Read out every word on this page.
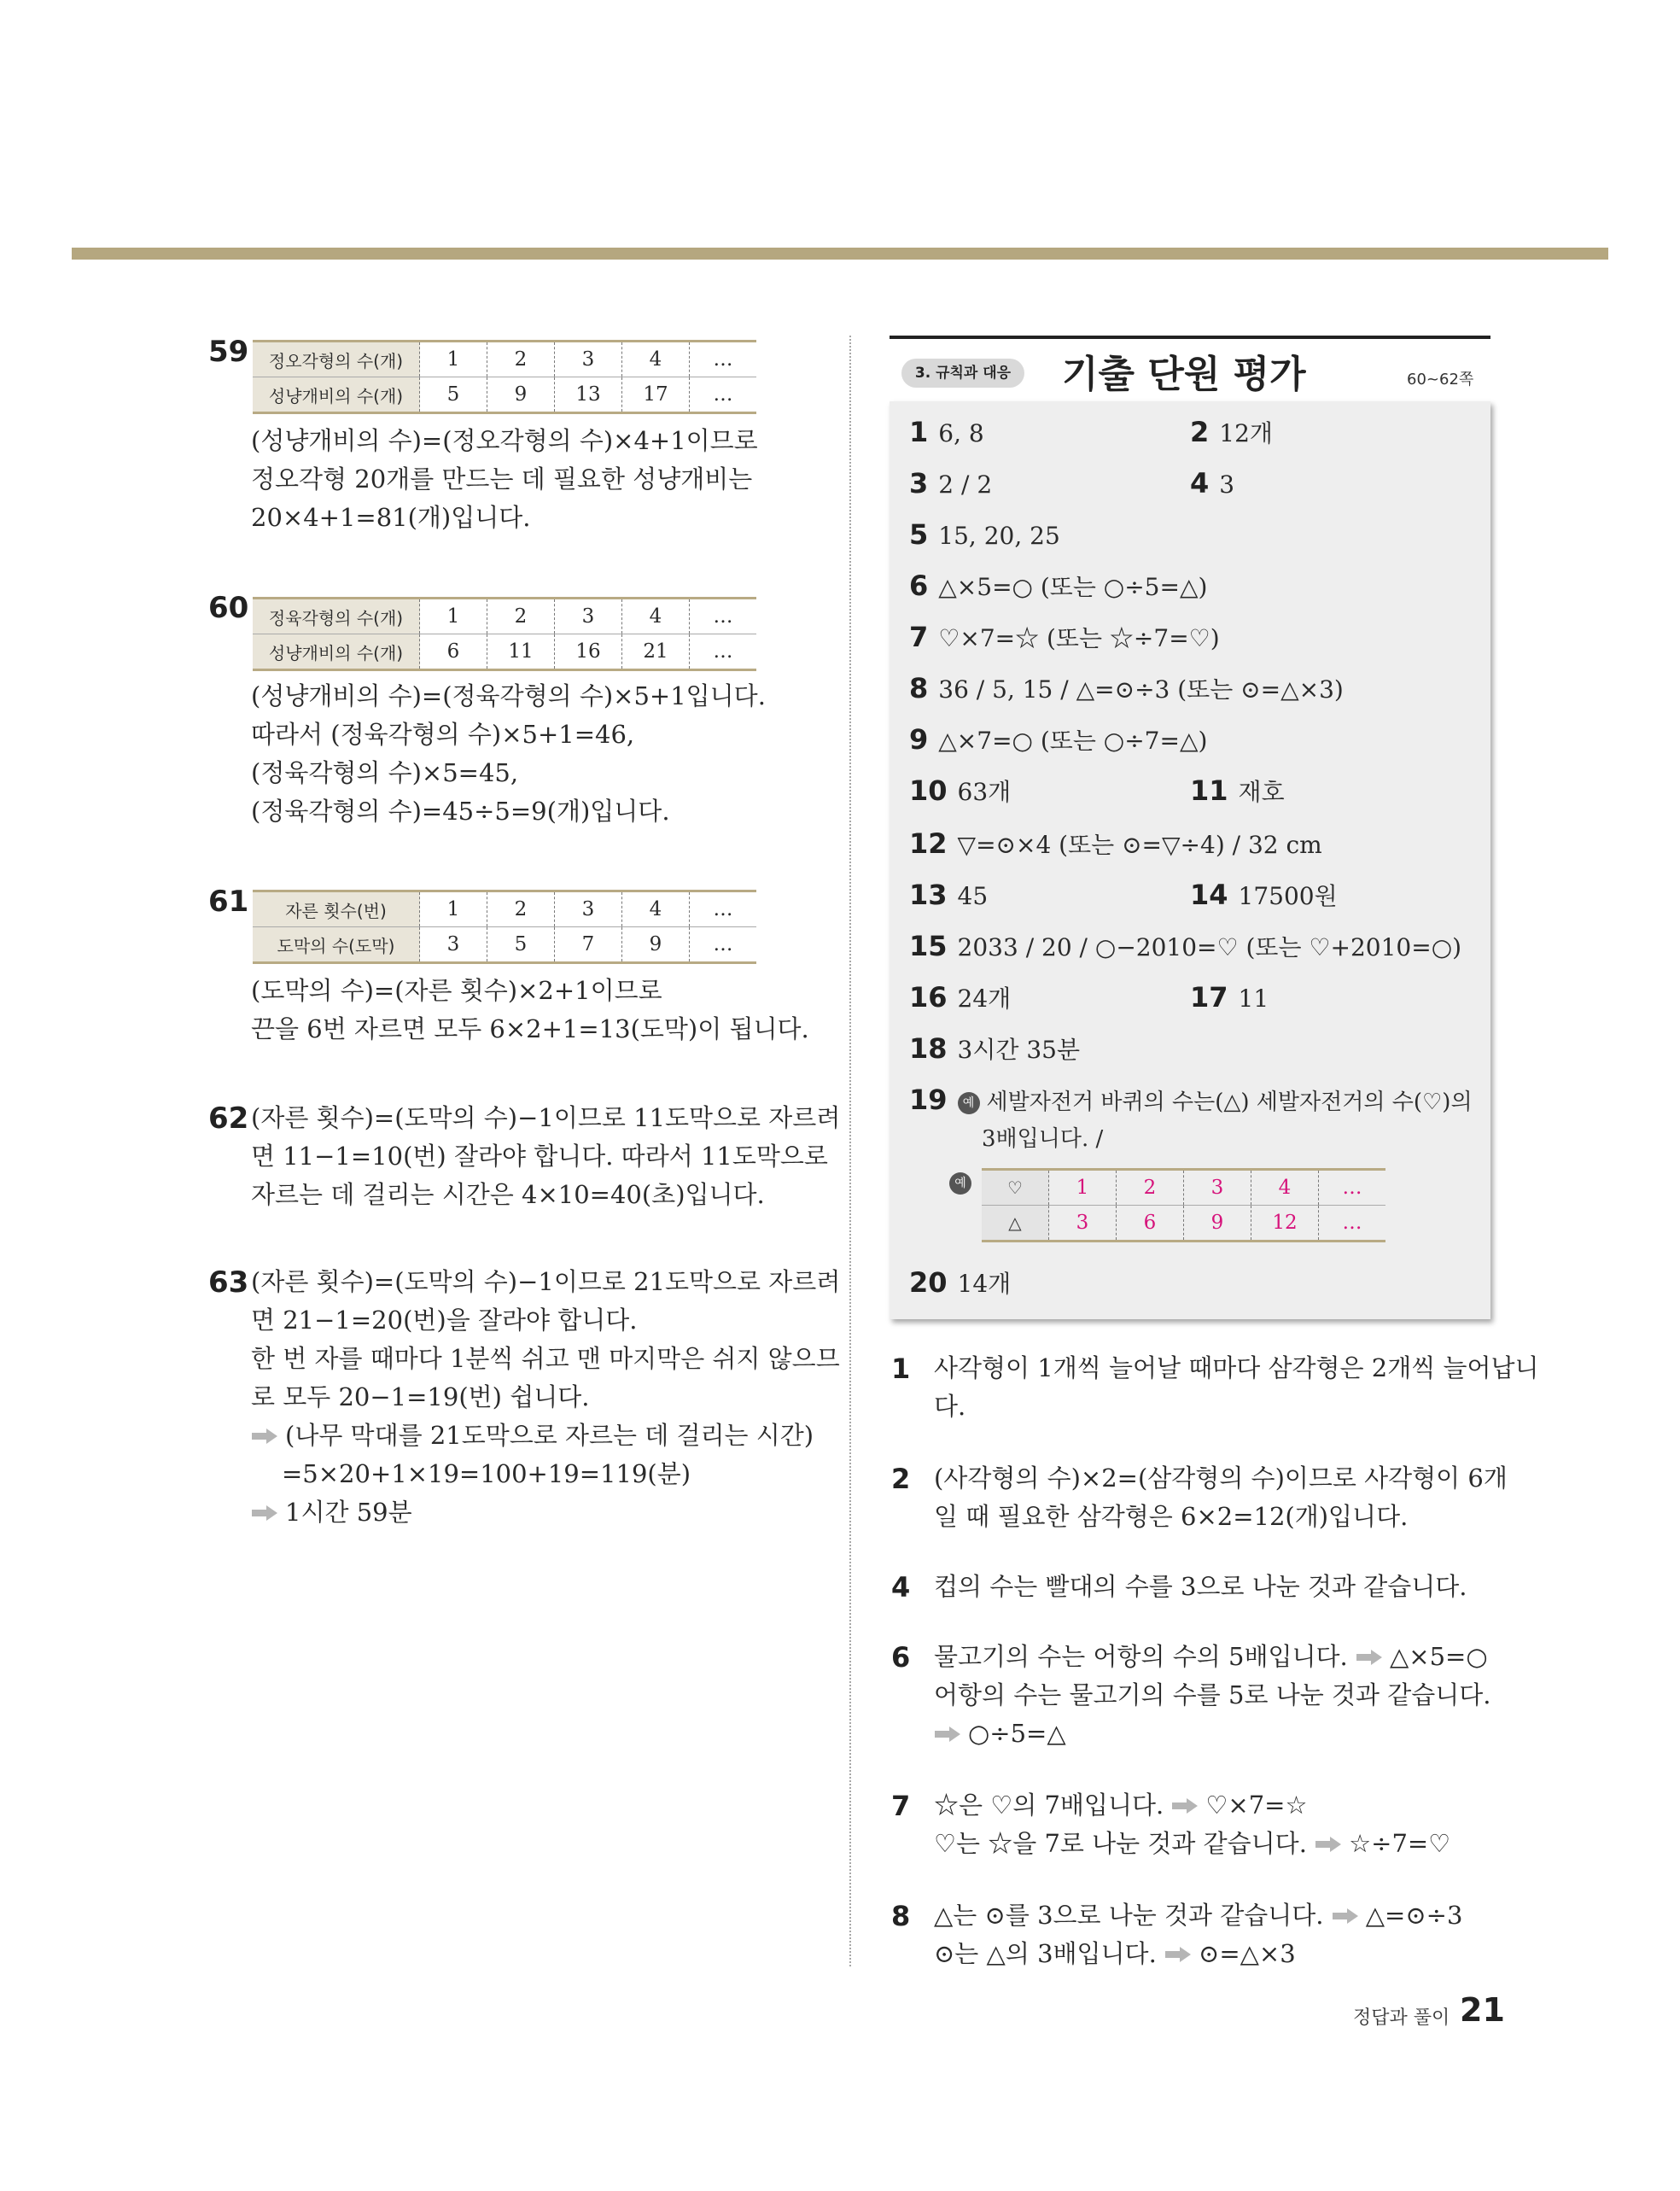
59 정오각형의 수(개)	1	2	3	4	…
성냥개비의 수(개)	5	9	13	17	…
(성냥개비의 수)=(정오각형의 수)×4+1이므로
정오각형 20개를 만드는 데 필요한 성냥개비는
20×4+1=81(개)입니다.
60 정육각형의 수(개)	1	2	3	4	…
성냥개비의 수(개)	6	11	16	21	…
(성냥개비의 수)=(정육각형의 수)×5+1입니다.
따라서 (정육각형의 수)×5+1=46,
(정육각형의 수)×5=45,
(정육각형의 수)=45÷5=9(개)입니다.
61 자른 횟수(번)	1	2	3	4	…
도막의 수(도막)	3	5	7	9	…
(도막의 수)=(자른 횟수)×2+1이므로
끈을 6번 자르면 모두 6×2+1=13(도막)이 됩니다.
62 (자른 횟수)=(도막의 수)−1이므로 11도막으로 자르려
면 11−1=10(번) 잘라야 합니다. 따라서 11도막으로
자르는 데 걸리는 시간은 4×10=40(초)입니다.
63 (자른 횟수)=(도막의 수)−1이므로 21도막으로 자르려
면 21−1=20(번)을 잘라야 합니다.
한 번 자를 때마다 1분씩 쉬고 맨 마지막은 쉬지 않으므
로 모두 20−1=19(번) 쉽니다.
(나무 막대를 21도막으로 자르는 데 걸리는 시간)
=5×20+1×19=100+19=119(분)
1시간 59분
3. 규칙과 대응	기출 단원 평가	60~62쪽
1 6, 8	2 12개
3 2 / 2	4 3
5 15, 20, 25
6 △×5=○ (또는 ○÷5=△)
7 ♡×7=☆ (또는 ☆÷7=♡)
8 36 / 5, 15 / △=⊙÷3 (또는 ⊙=△×3)
9 △×7=○ (또는 ○÷7=△)
10 63개	11 재호
12 ▽=⊙×4 (또는 ⊙=▽÷4) / 32 cm
13 45	14 17500원
15 2033 / 20 / ○−2010=♡ (또는 ♡+2010=○)
16 24개	17 11
18 3시간 35분
19 예 세발자전거 바퀴의 수는(△) 세발자전거의 수(♡)의
3배입니다. /
예	♡	1	2	3	4	…
△	3	6	9	12	…
20 14개
1 사각형이 1개씩 늘어날 때마다 삼각형은 2개씩 늘어납니
다.
2 (사각형의 수)×2=(삼각형의 수)이므로 사각형이 6개
일 때 필요한 삼각형은 6×2=12(개)입니다.
4 컵의 수는 빨대의 수를 3으로 나눈 것과 같습니다.
6 물고기의 수는 어항의 수의 5배입니다. △×5=○
어항의 수는 물고기의 수를 5로 나눈 것과 같습니다.
○÷5=△
7 ☆은 ♡의 7배입니다. ♡×7=☆
♡는 ☆을 7로 나눈 것과 같습니다. ☆÷7=♡
8 △는 ⊙를 3으로 나눈 것과 같습니다. △=⊙÷3
⊙는 △의 3배입니다. ⊙=△×3
정답과 풀이 21
